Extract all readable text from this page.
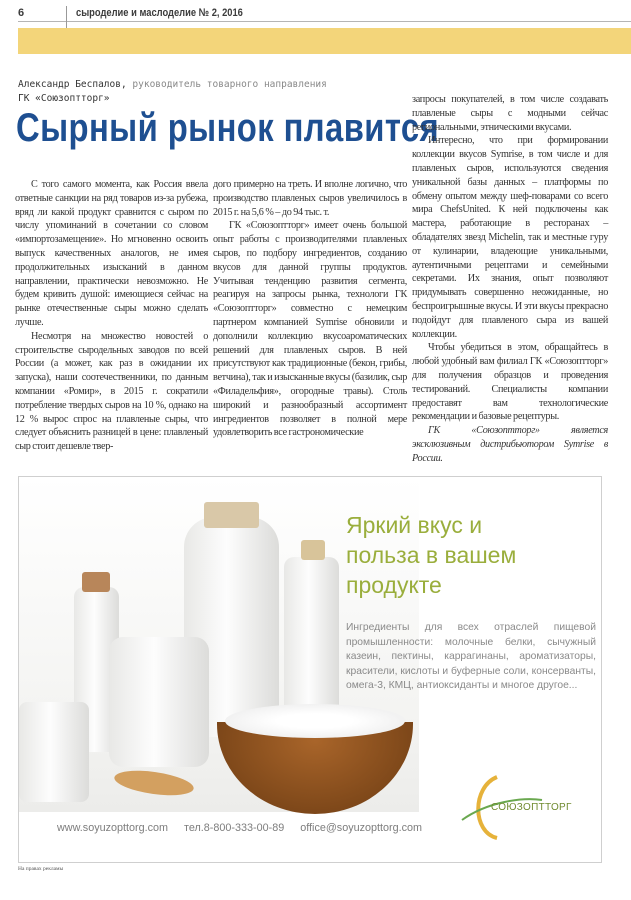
6	сыроделие и маслоделие № 2, 2016
Александр Беспалов, руководитель товарного направления
ГК «Союзоптторг»
Сырный рынок плавится

С того самого момента, как Россия ввела ответные санкции на ряд товаров из-за рубежа, вряд ли какой продукт сравнится с сыром по числу упоминаний в сочетании со словом «импортозамещение». Но мгновенно освоить выпуск качественных аналогов, не имея продолжительных изысканий в данном направлении, практически невозможно. Не будем кривить душой: имеющиеся сейчас на рынке отечественные сыры можно сделать лучше.

Несмотря на множество новостей о строительстве сыродельных заводов по всей России (а может, как раз в ожидании их запуска), наши соотечественники, по данным компании «Ромир», в 2015 г. сократили потребление твердых сыров на 10 %, однако на 12 % вырос спрос на плавленые сыры, что следует объяснить разницей в цене: плавленый сыр стоит дешевле твер-

дого примерно на треть. И вполне логично, что производство плавленых сыров увеличилось в 2015 г. на 5,6 % – до 94 тыс. т.

ГК «Союзоптторг» имеет очень большой опыт работы с производителями плавленых сыров, по подбору ингредиентов, созданию вкусов для данной группы продуктов. Учитывая тенденцию развития сегмента, реагируя на запросы рынка, технологи ГК «Союзоптторг» совместно с немецким партнером компанией Symrise обновили и дополнили коллекцию вкусоароматических решений для плавленых сыров. В ней присутствуют как традиционные (бекон, грибы, ветчина), так и изысканные вкусы (базилик, сыр «Филадельфия», огородные травы). Столь широкий и разнообразный ассортимент ингредиентов позволяет в полной мере удовлетворить все гастрономические

запросы покупателей, в том числе создавать плавленые сыры с модными сейчас региональными, этническими вкусами.

Интересно, что при формировании коллекции вкусов Symrise, в том числе и для плавленых сыров, используются сведения уникальной базы данных – платформы по обмену опытом между шеф-поварами со всего мира ChefsUnited. К ней подключены как мастера, работающие в ресторанах – обладателях звезд Michelin, так и местные гуру от кулинарии, владеющие уникальными, аутентичными рецептами и семейными секретами. Их знания, опыт позволяют придумывать совершенно неожиданные, но беспроигрышные вкусы. И эти вкусы прекрасно подойдут для плавленого сыра из вашей коллекции.

Чтобы убедиться в этом, обращайтесь в любой удобный вам филиал ГК «Союзоптторг» для получения образцов и проведения тестирований. Специалисты компании предоставят вам технологические рекомендации и базовые рецептуры.

ГК «Союзоптторг» является эксклюзивным дистрибьютором Symrise в России.

Яркий вкус и
польза в вашем
продукте
Ингредиенты для всех отраслей пищевой промышленности: молочные белки, сычужный казеин, пектины, каррагинаны, ароматизаторы, красители, кислоты и буферные соли, консерванты, омега-3, КМЦ, антиоксиданты и многое другое...
www.soyuzopttorg.com тел.8-800-333-00-89 office@soyuzopttorg.com
СОЮЗОПТТОРГ
На правах рекламы
